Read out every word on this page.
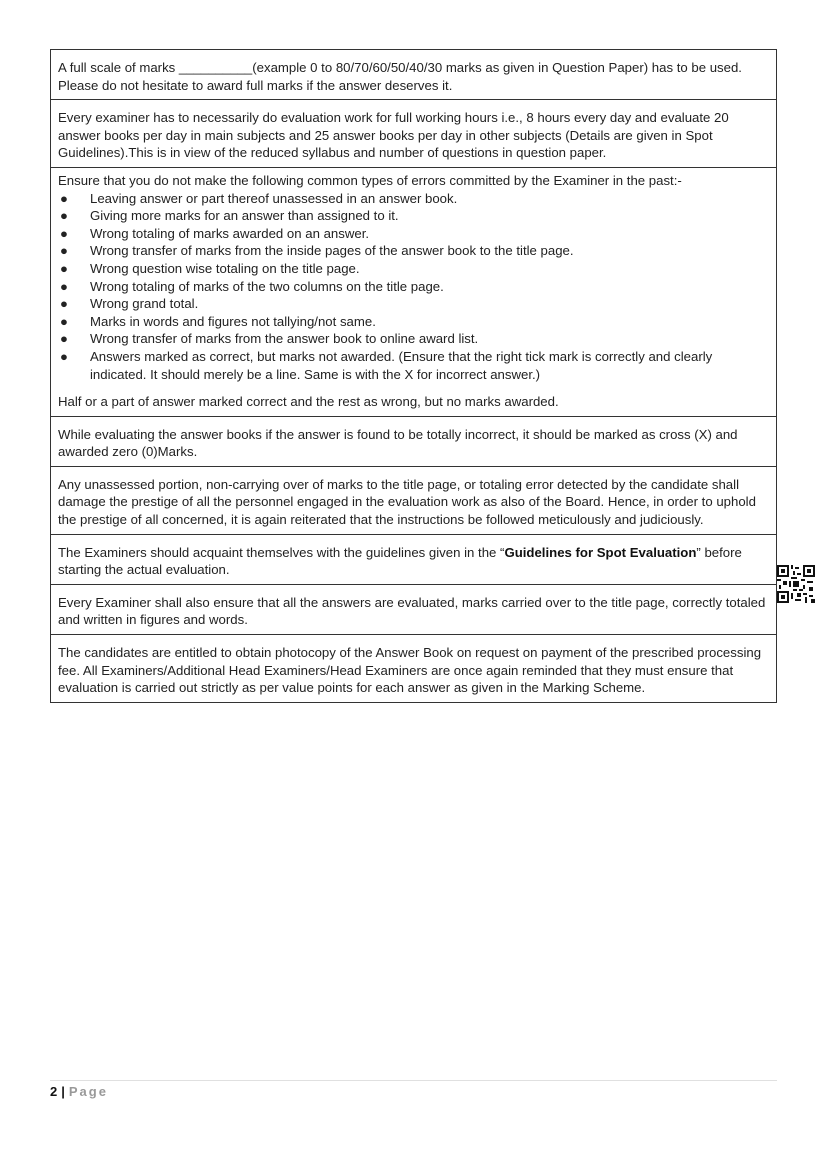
A full scale of marks __________(example 0 to 80/70/60/50/40/30 marks as given in Question Paper) has to be used. Please do not hesitate to award full marks if the answer deserves it.

Every examiner has to necessarily do evaluation work for full working hours i.e., 8 hours every day and evaluate 20 answer books per day in main subjects and 25 answer books per day in other subjects (Details are given in Spot Guidelines).This is in view of the reduced syllabus and number of questions in question paper.

Ensure that you do not make the following common types of errors committed by the Examiner in the past:-

● Leaving answer or part thereof unassessed in an answer book.
● Giving more marks for an answer than assigned to it.
● Wrong totaling of marks awarded on an answer.
● Wrong transfer of marks from the inside pages of the answer book to the title page.
● Wrong question wise totaling on the title page.
● Wrong totaling of marks of the two columns on the title page.
● Wrong grand total.
● Marks in words and figures not tallying/not same.
● Wrong transfer of marks from the answer book to online award list.
● Answers marked as correct, but marks not awarded. (Ensure that the right tick mark is correctly and clearly indicated. It should merely be a line. Same is with the X for incorrect answer.)

Half or a part of answer marked correct and the rest as wrong, but no marks awarded.

While evaluating the answer books if the answer is found to be totally incorrect, it should be marked as cross (X) and awarded zero (0)Marks.

Any unassessed portion, non-carrying over of marks to the title page, or totaling error detected by the candidate shall damage the prestige of all the personnel engaged in the evaluation work as also of the Board. Hence, in order to uphold the prestige of all concerned, it is again reiterated that the instructions be followed meticulously and judiciously.

The Examiners should acquaint themselves with the guidelines given in the “Guidelines for Spot Evaluation” before starting the actual evaluation.

Every Examiner shall also ensure that all the answers are evaluated, marks carried over to the title page, correctly totaled and written in figures and words.

The candidates are entitled to obtain photocopy of the Answer Book on request on payment of the prescribed processing fee. All Examiners/Additional Head Examiners/Head Examiners are once again reminded that they must ensure that evaluation is carried out strictly as per value points for each answer as given in the Marking Scheme.

2 | Page
